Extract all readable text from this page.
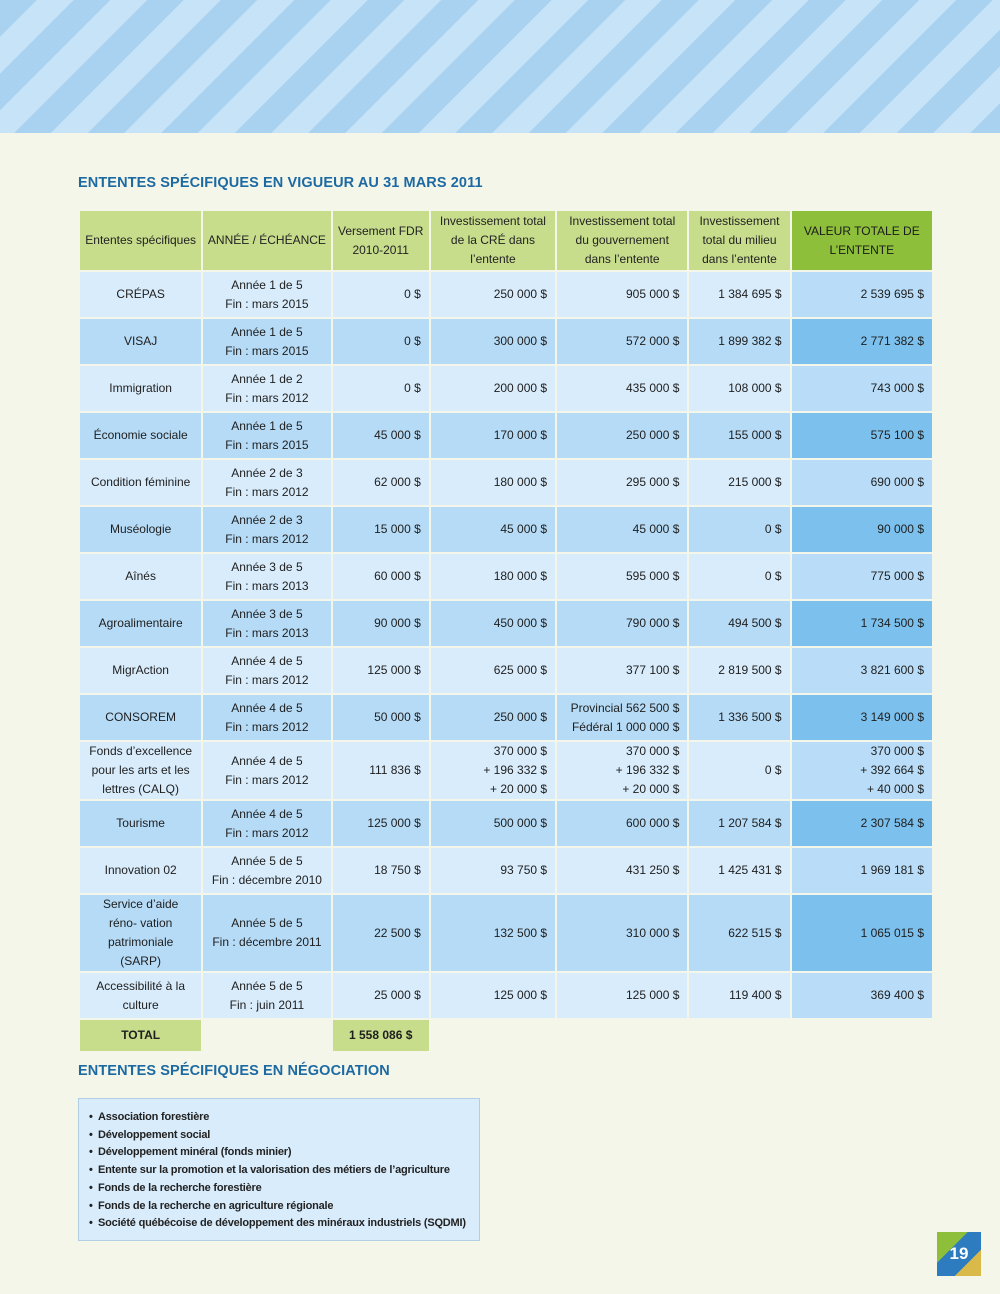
ENTENTES SPÉCIFIQUES EN VIGUEUR AU 31 MARS 2011
Ententes spécifiques	ANNÉE / ÉCHÉANCE	Versement FDR 2010-2011	Investissement total de la CRÉ dans l’entente	Investissement total du gouvernement dans l’entente	Investissement total du milieu dans l’entente	VALEUR TOTALE DE L’ENTENTE
CRÉPAS	Année 1 de 5
Fin : mars 2015	0 $	250 000 $	905 000 $	1 384 695 $	2 539 695 $

VISAJ	Année 1 de 5
Fin : mars 2015	0 $	300 000 $	572 000 $	1 899 382 $	2 771 382 $

Immigration	Année 1 de 2
Fin : mars 2012	0 $	200 000 $	435 000 $	108 000 $	743 000 $

Économie sociale	Année 1 de 5
Fin : mars 2015	45 000 $	170 000 $	250 000 $	155 000 $	575 100 $

Condition féminine	Année 2 de 3
Fin : mars 2012	62 000 $	180 000 $	295 000 $	215 000 $	690 000 $

Muséologie	Année 2 de 3
Fin : mars 2012	15 000 $	45 000 $	45 000 $	0 $	90 000 $

Aînés	Année 3 de 5
Fin : mars 2013	60 000 $	180 000 $	595 000 $	0 $	775 000 $

Agroalimentaire	Année 3 de 5
Fin : mars 2013	90 000 $	450 000 $	790 000 $	494 500 $	1 734 500 $

MigrAction	Année 4 de 5
Fin : mars 2012	125 000 $	625 000 $	377 100 $	2 819 500 $	3 821 600 $

CONSOREM	Année 4 de 5
Fin : mars 2012	50 000 $	250 000 $	Provincial 562 500 $
Fédéral 1 000 000 $	1 336 500 $	3 149 000 $

Fonds d’excellence pour les arts et les lettres (CALQ)	Année 4 de 5
Fin : mars 2012	111 836 $	370 000 $
+ 196 332 $
+ 20 000 $	370 000 $
+ 196 332 $
+ 20 000 $	0 $	370 000 $
+ 392 664 $
+ 40 000 $

Tourisme	Année 4 de 5
Fin : mars 2012	125 000 $	500 000 $	600 000 $	1 207 584 $	2 307 584 $

Innovation 02	Année 5 de 5
Fin : décembre 2010	18 750 $	93 750 $	431 250 $	1 425 431 $	1 969 181 $

Service d’aide réno- vation patrimoniale (SARP)	Année 5 de 5
Fin : décembre 2011	22 500 $	132 500 $	310 000 $	622 515 $	1 065 015 $

Accessibilité à la culture	Année 5 de 5
Fin : juin 2011	25 000 $	125 000 $	125 000 $	119 400 $	369 400 $

TOTAL		1 558 086 $				
ENTENTES SPÉCIFIQUES EN NÉGOCIATION
• Association forestière
• Développement social
• Développement minéral (fonds minier)
• Entente sur la promotion et la valorisation des métiers de l’agriculture
• Fonds de la recherche forestière
• Fonds de la recherche en agriculture régionale
• Société québécoise de développement des minéraux industriels (SQDMI)
19
